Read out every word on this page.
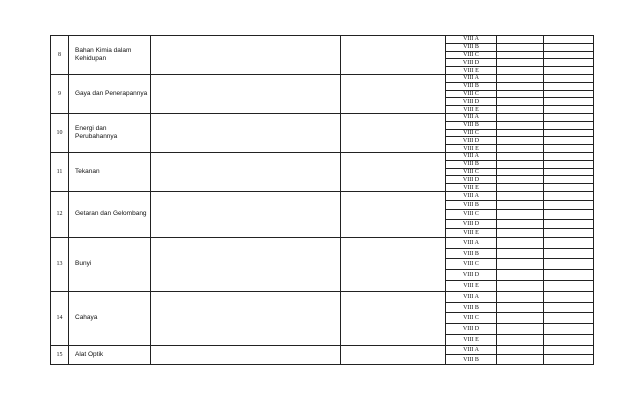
8	Bahan Kimia dalam Kehidupan			VIII A		
				VIII B		
				VIII C		
				VIII D		
				VIII E		
9	Gaya dan Penerapannya			VIII A		
				VIII B		
				VIII C		
				VIII D		
				VIII E		
10	Energi dan Perubahannya			VIII A		
				VIII B		
				VIII C		
				VIII D		
				VIII E		
11	Tekanan			VIII A		
				VIII B		
				VIII C		
				VIII D		
				VIII E		
12	Getaran dan Gelombang			VIII A		
				VIII B		
				VIII C		
				VIII D		
				VIII E		
13	Bunyi			VIII A		
				VIII B		
				VIII C		
				VIII D		
				VIII E		
14	Cahaya			VIII A		
				VIII B		
				VIII C		
				VIII D		
				VIII E		
15	Alat Optik			VIII A		
				VIII B		
